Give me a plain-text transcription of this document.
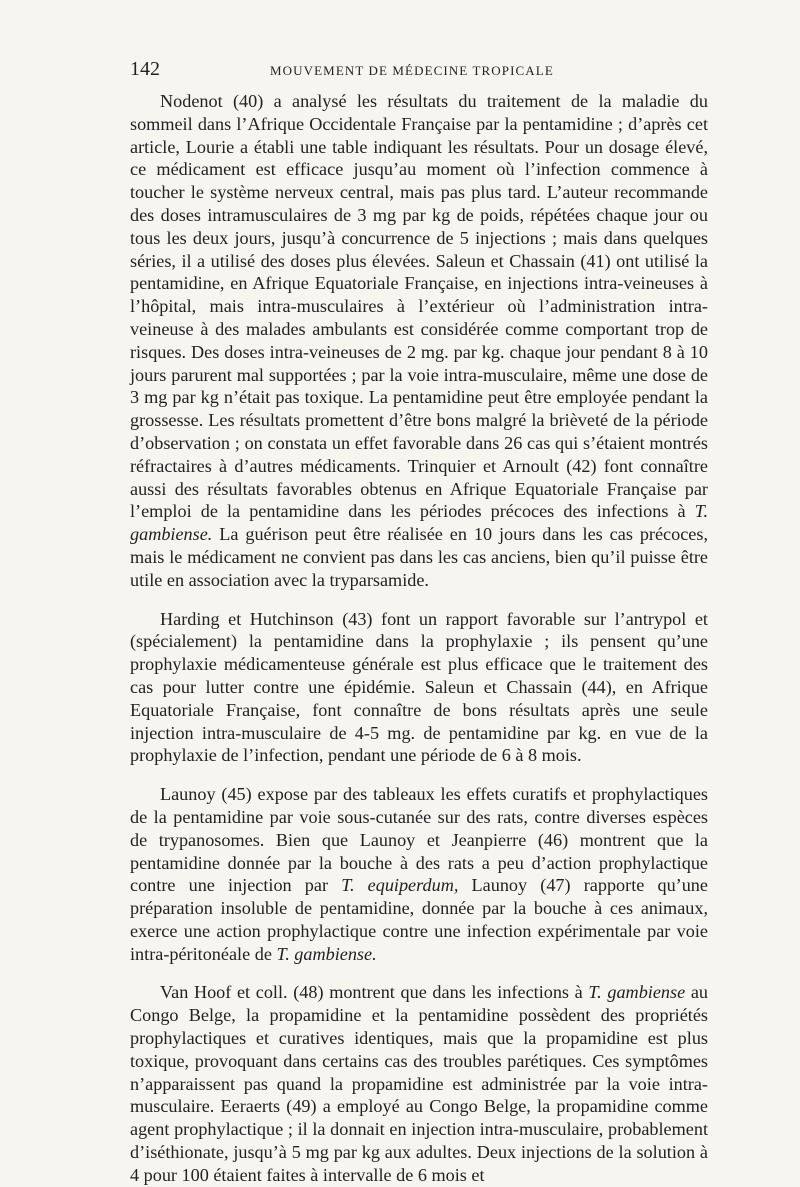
142	MOUVEMENT DE MÉDECINE TROPICALE

Nodenot (40) a analysé les résultats du traitement de la maladie du sommeil dans l’Afrique Occidentale Française par la pentamidine ; d’après cet article, Lourie a établi une table indiquant les résultats. Pour un dosage élevé, ce médicament est efficace jusqu’au moment où l’infection commence à toucher le système nerveux central, mais pas plus tard. L’auteur recommande des doses intramusculaires de 3 mg par kg de poids, répétées chaque jour ou tous les deux jours, jusqu’à concurrence de 5 injections ; mais dans quelques séries, il a utilisé des doses plus élevées. Saleun et Chassain (41) ont utilisé la pentamidine, en Afrique Equatoriale Française, en injections intra-veineuses à l’hôpital, mais intra-musculaires à l’extérieur où l’administration intra-veineuse à des malades ambulants est considérée comme comportant trop de risques. Des doses intra-veineuses de 2 mg. par kg. chaque jour pendant 8 à 10 jours parurent mal supportées ; par la voie intra-musculaire, même une dose de 3 mg par kg n’était pas toxique. La pentamidine peut être employée pendant la grossesse. Les résultats promettent d’être bons malgré la brièveté de la période d’observation ; on constata un effet favorable dans 26 cas qui s’étaient montrés réfractaires à d’autres médicaments. Trinquier et Arnoult (42) font connaître aussi des résultats favorables obtenus en Afrique Equatoriale Française par l’emploi de la pentamidine dans les périodes précoces des infections à T. gambiense. La guérison peut être réalisée en 10 jours dans les cas précoces, mais le médicament ne convient pas dans les cas anciens, bien qu’il puisse être utile en association avec la tryparsamide.

Harding et Hutchinson (43) font un rapport favorable sur l’antrypol et (spécialement) la pentamidine dans la prophylaxie ; ils pensent qu’une prophylaxie médicamenteuse générale est plus efficace que le traitement des cas pour lutter contre une épidémie. Saleun et Chassain (44), en Afrique Equatoriale Française, font connaître de bons résultats après une seule injection intra-musculaire de 4-5 mg. de pentamidine par kg. en vue de la prophylaxie de l’infection, pendant une période de 6 à 8 mois.

Launoy (45) expose par des tableaux les effets curatifs et prophylactiques de la pentamidine par voie sous-cutanée sur des rats, contre diverses espèces de trypanosomes. Bien que Launoy et Jeanpierre (46) montrent que la pentamidine donnée par la bouche à des rats a peu d’action prophylactique contre une injection par T. equiperdum, Launoy (47) rapporte qu’une préparation insoluble de pentamidine, donnée par la bouche à ces animaux, exerce une action prophylactique contre une infection expérimentale par voie intra-péritonéale de T. gambiense.

Van Hoof et coll. (48) montrent que dans les infections à T. gambiense au Congo Belge, la propamidine et la pentamidine possèdent des propriétés prophylactiques et curatives identiques, mais que la propamidine est plus toxique, provoquant dans certains cas des troubles parétiques. Ces symptômes n’apparaissent pas quand la propamidine est administrée par la voie intra-musculaire. Eeraerts (49) a employé au Congo Belge, la propamidine comme agent prophylactique ; il la donnait en injection intra-musculaire, probablement d’iséthionate, jusqu’à 5 mg par kg aux adultes. Deux injections de la solution à 4 pour 100 étaient faites à intervalle de 6 mois et
